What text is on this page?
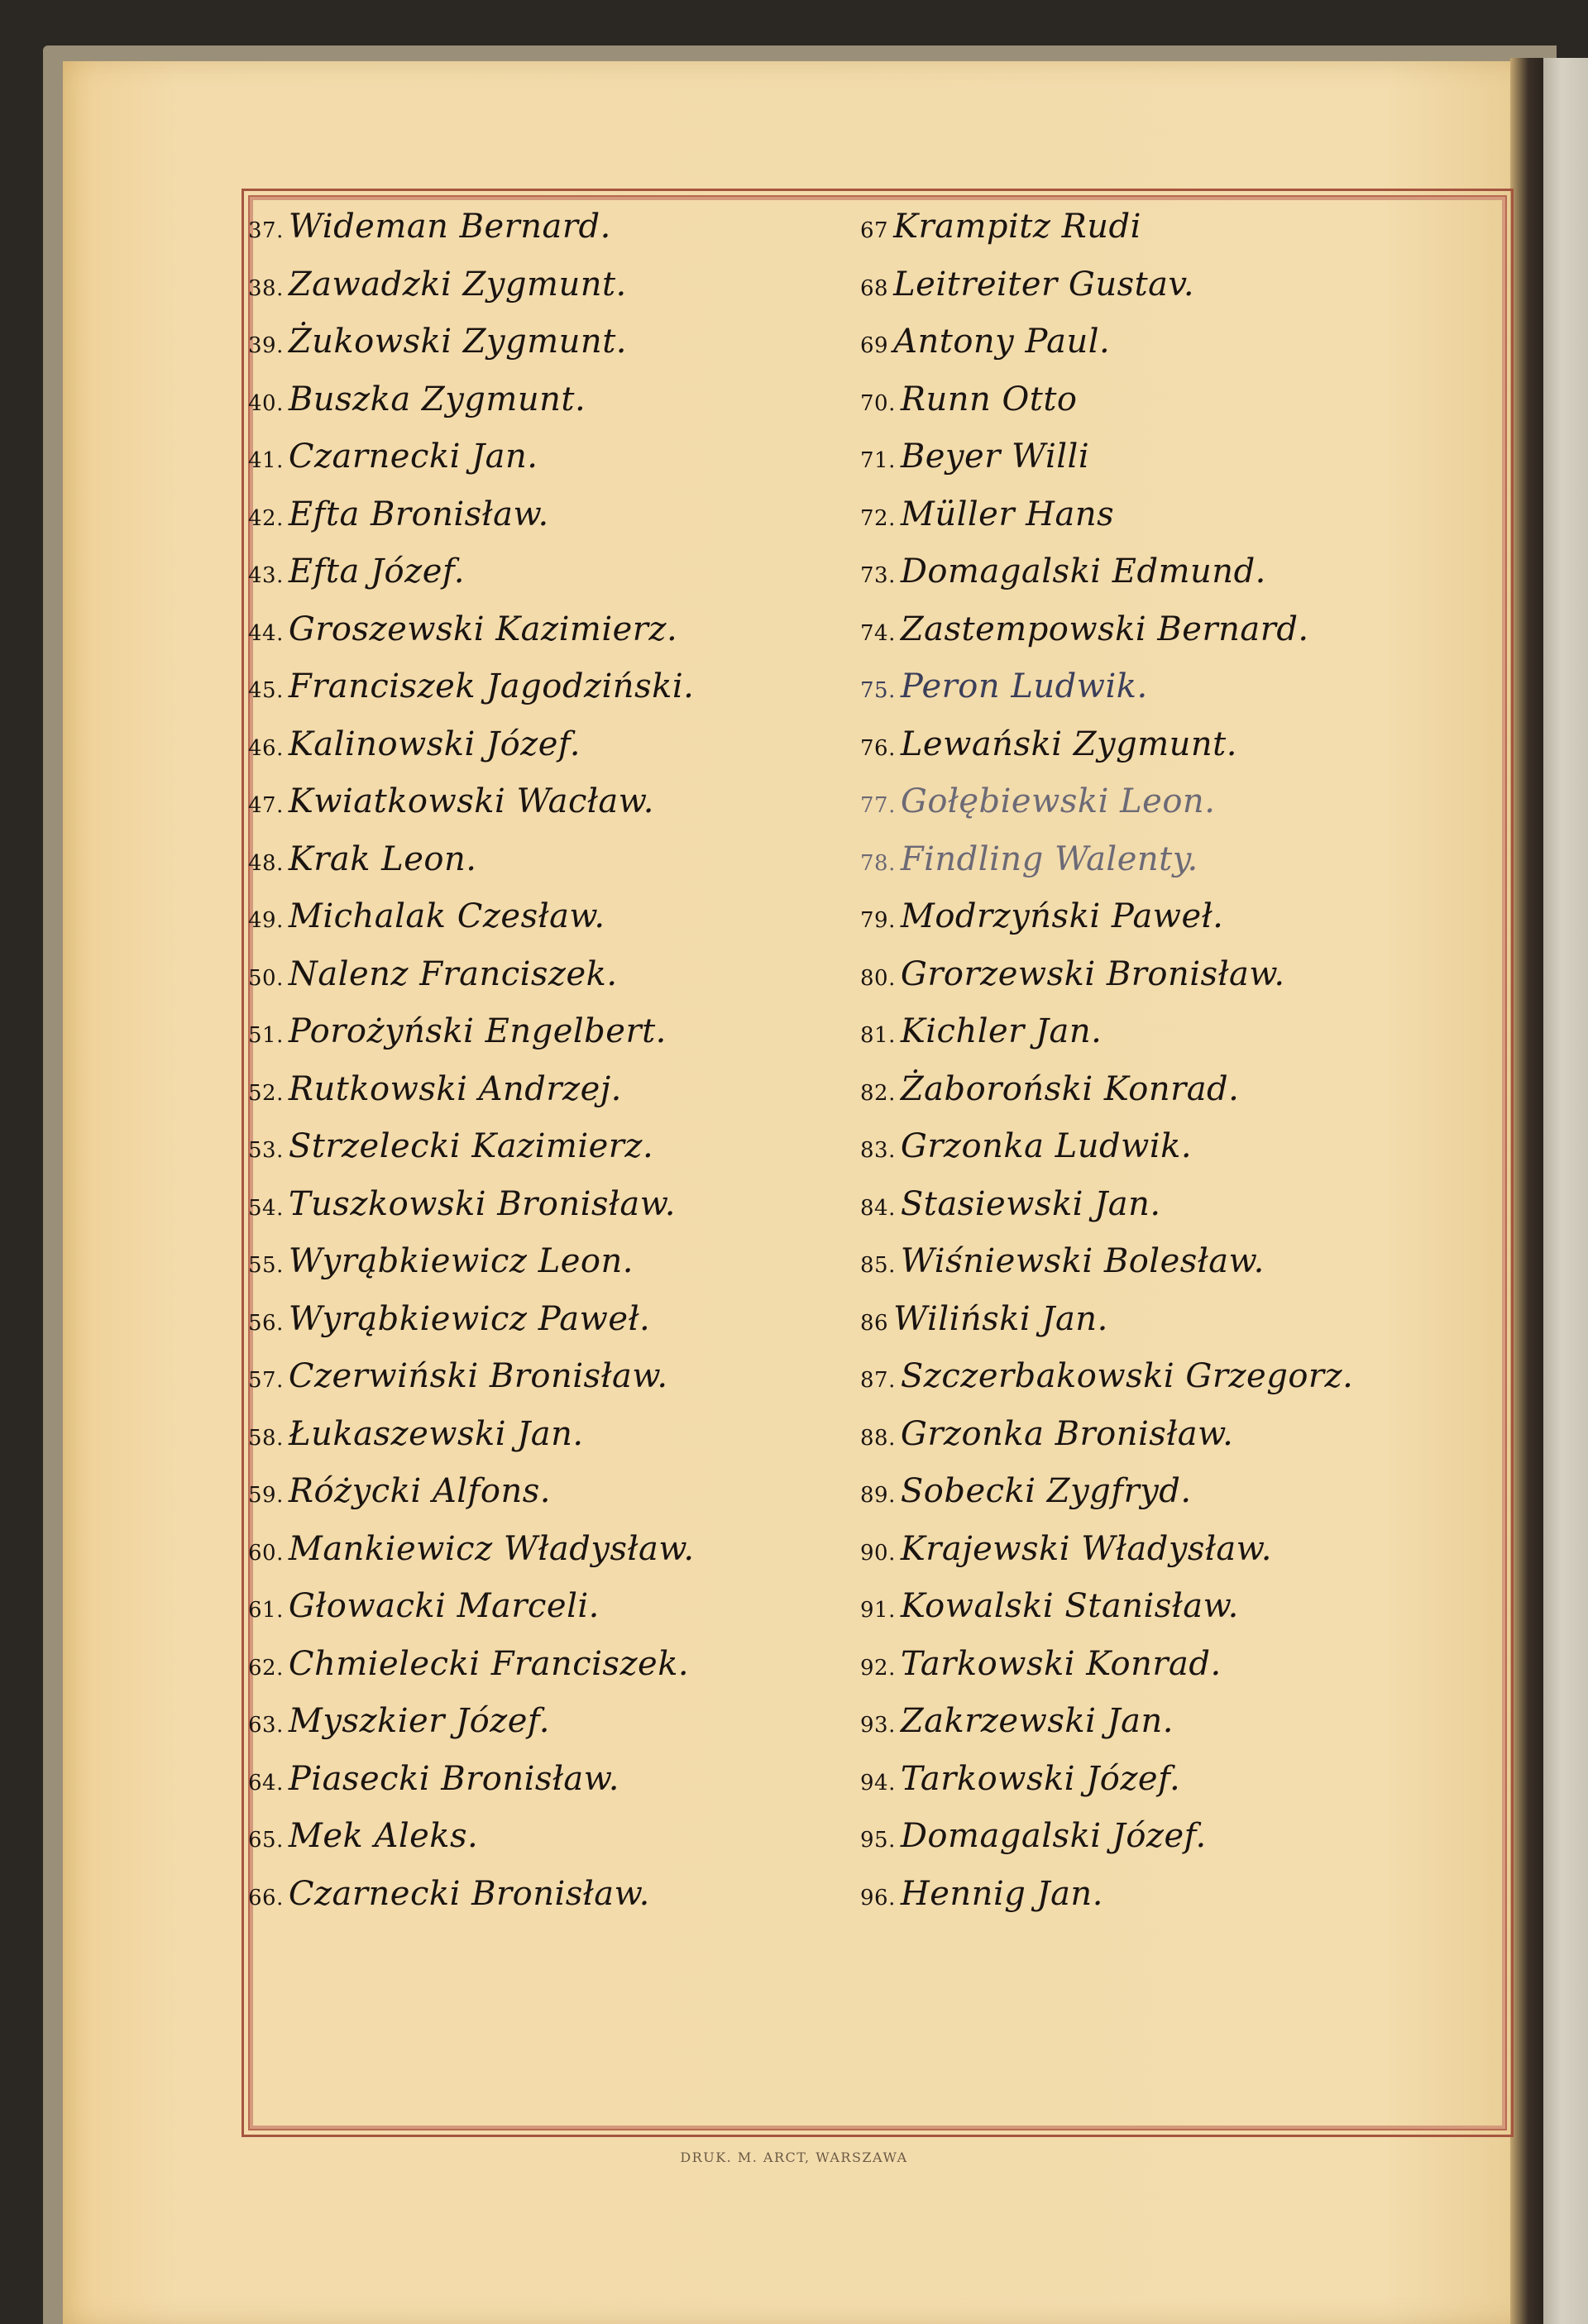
37. Wideman Bernard.
38. Zawadzki Zygmunt.
39. Żukowski Zygmunt.
40. Buszka Zygmunt.
41. Czarnecki Jan.
42. Efta Bronisław.
43. Efta Józef.
44. Groszewski Kazimierz.
45. Franciszek Jagodziński.
46. Kalinowski Józef.
47. Kwiatkowski Wacław.
48. Krak Leon.
49. Michalak Czesław.
50. Nalenz Franciszek.
51. Porożyński Engelbert.
52. Rutkowski Andrzej.
53. Strzelecki Kazimierz.
54. Tuszkowski Bronisław.
55. Wyrąbkiewicz Leon.
56. Wyrąbkiewicz Paweł.
57. Czerwiński Bronisław.
58. Łukaszewski Jan.
59. Różycki Alfons.
60. Mankiewicz Władysław.
61. Głowacki Marceli.
62. Chmielecki Franciszek.
63. Myszkier Józef.
64. Piasecki Bronisław.
65. Mek Aleks.
66. Czarnecki Bronisław.
67 Krampitz Rudi
68 Leitreiter Gustav.
69 Antony Paul.
70. Runn Otto
71. Beyer Willi
72. Müller Hans
73. Domagalski Edmund.
74. Zastempowski Bernard.
75. Peron Ludwik.
76. Lewański Zygmunt.
77. Gołębiewski Leon.
78. Findling Walenty.
79. Modrzyński Paweł.
80. Grorzewski Bronisław.
81. Kichler Jan.
82. Żaboroński Konrad.
83. Grzonka Ludwik.
84. Stasiewski Jan.
85. Wiśniewski Bolesław.
86 Wiliński Jan.
87. Szczerbakowski Grzegorz.
88. Grzonka Bronisław.
89. Sobecki Zygfryd.
90. Krajewski Władysław.
91. Kowalski Stanisław.
92. Tarkowski Konrad.
93. Zakrzewski Jan.
94. Tarkowski Józef.
95. Domagalski Józef.
96. Hennig Jan.
DRUK. M. ARCT, WARSZAWA
